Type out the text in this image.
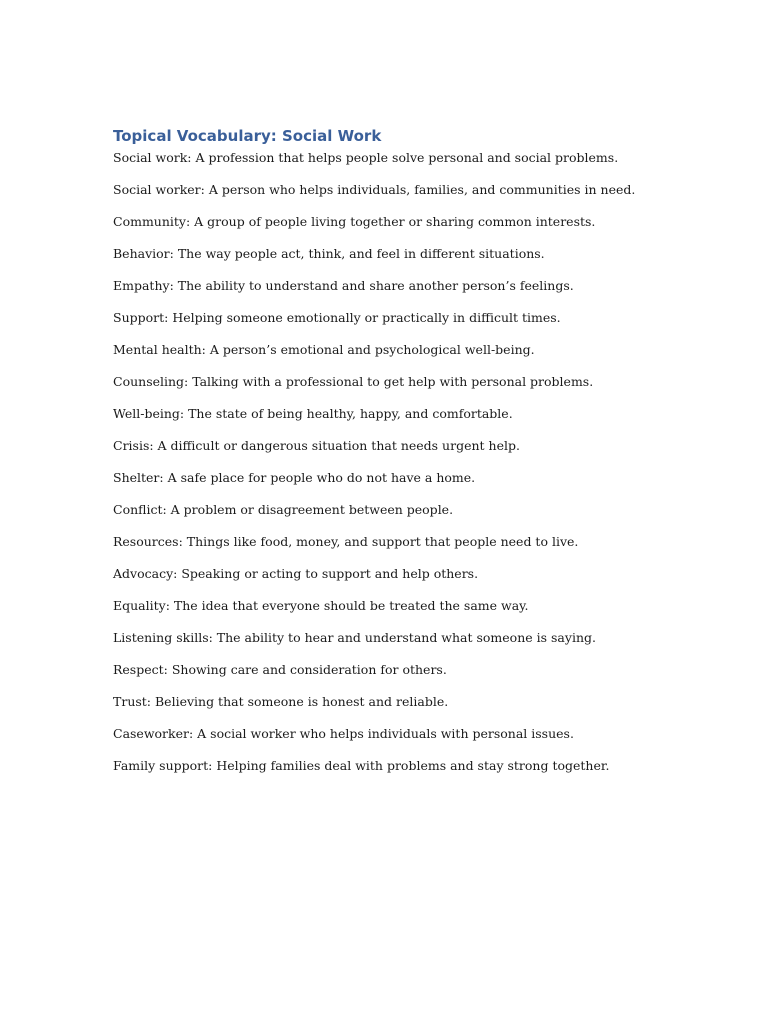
Topical Vocabulary: Social Work
Social work: A profession that helps people solve personal and social problems.
Social worker: A person who helps individuals, families, and communities in need.
Community: A group of people living together or sharing common interests.
Behavior: The way people act, think, and feel in different situations.
Empathy: The ability to understand and share another person’s feelings.
Support: Helping someone emotionally or practically in difficult times.
Mental health: A person’s emotional and psychological well-being.
Counseling: Talking with a professional to get help with personal problems.
Well-being: The state of being healthy, happy, and comfortable.
Crisis: A difficult or dangerous situation that needs urgent help.
Shelter: A safe place for people who do not have a home.
Conflict: A problem or disagreement between people.
Resources: Things like food, money, and support that people need to live.
Advocacy: Speaking or acting to support and help others.
Equality: The idea that everyone should be treated the same way.
Listening skills: The ability to hear and understand what someone is saying.
Respect: Showing care and consideration for others.
Trust: Believing that someone is honest and reliable.
Caseworker: A social worker who helps individuals with personal issues.
Family support: Helping families deal with problems and stay strong together.
